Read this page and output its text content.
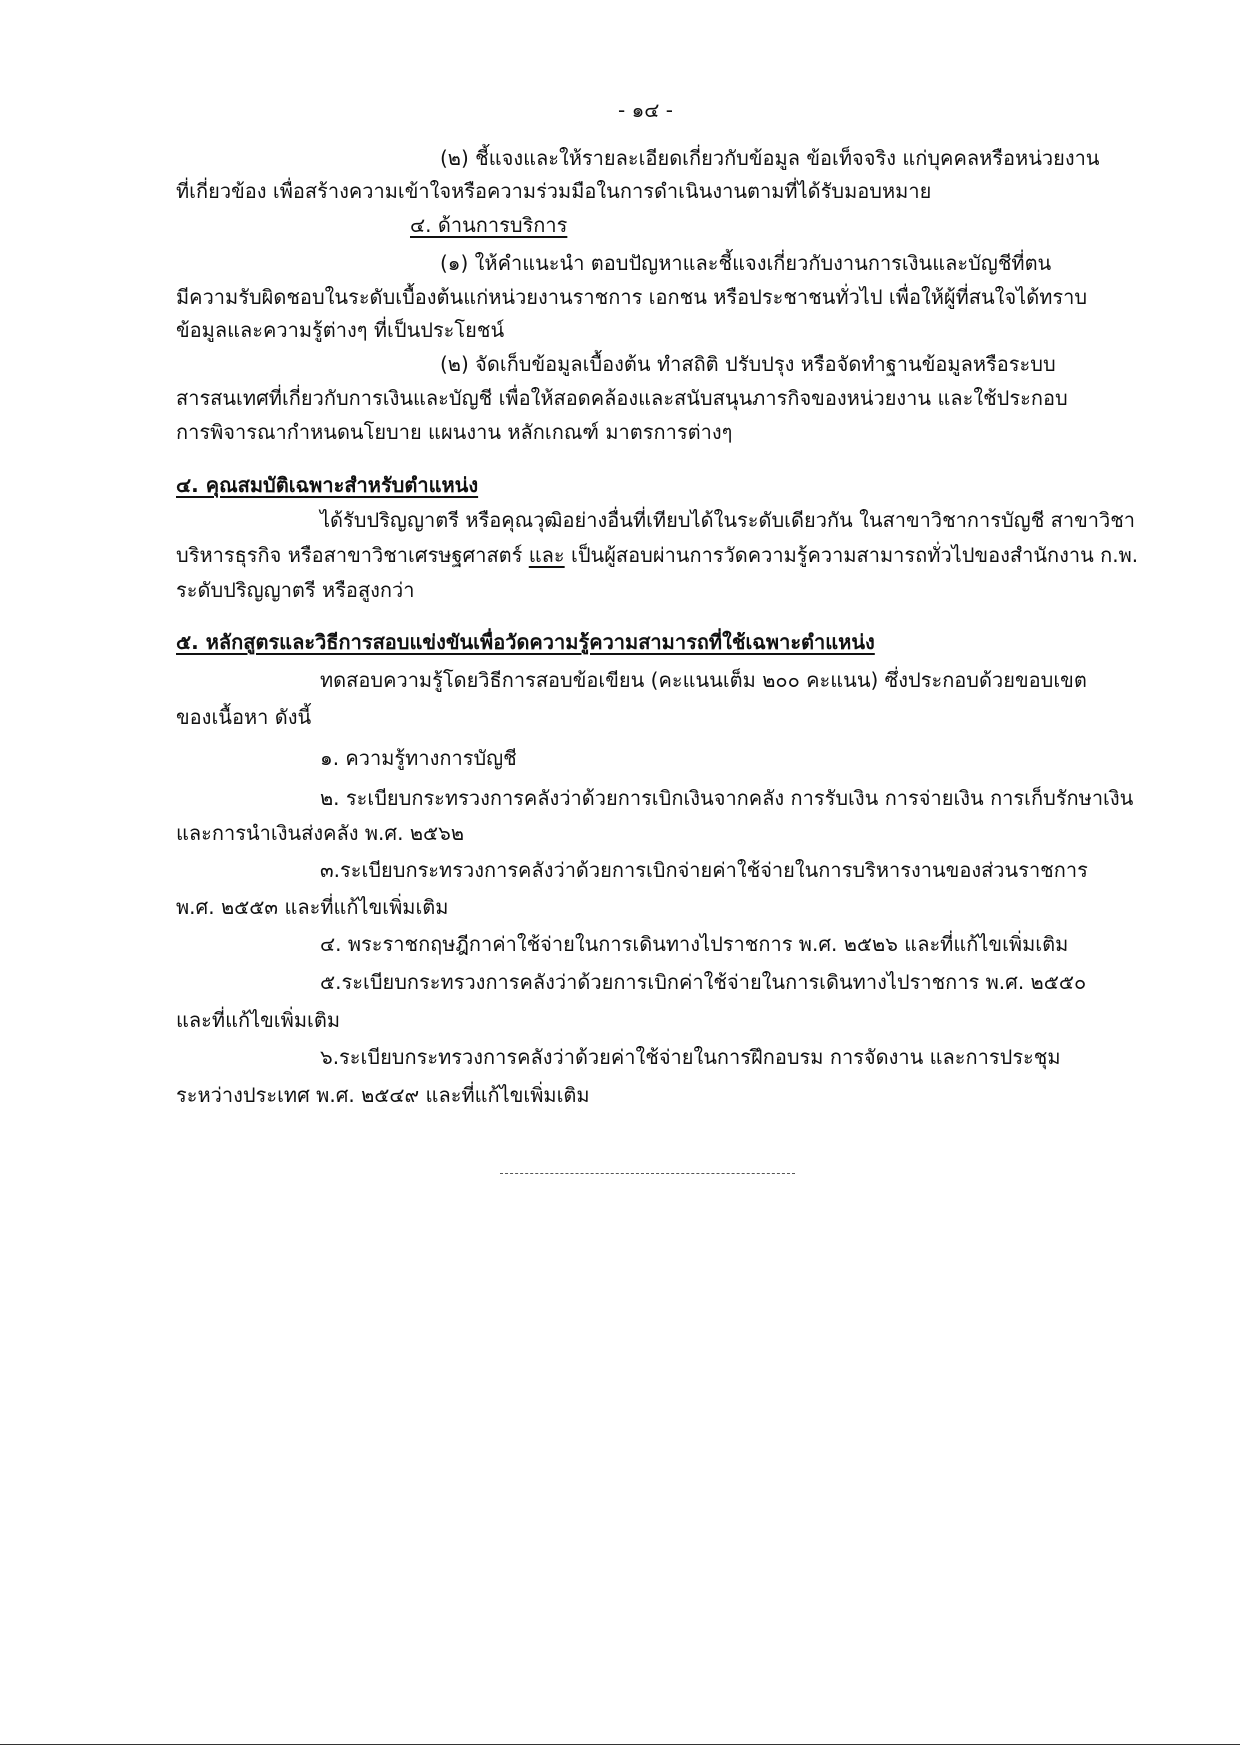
- ๑๔ -
(๒) ชี้แจงและให้รายละเอียดเกี่ยวกับข้อมูล ข้อเท็จจริง แก่บุคคลหรือหน่วยงาน
ที่เกี่ยวข้อง เพื่อสร้างความเข้าใจหรือความร่วมมือในการดำเนินงานตามที่ได้รับมอบหมาย
๔. ด้านการบริการ
(๑) ให้คำแนะนำ ตอบปัญหาและชี้แจงเกี่ยวกับงานการเงินและบัญชีที่ตน
มีความรับผิดชอบในระดับเบื้องต้นแก่หน่วยงานราชการ เอกชน หรือประชาชนทั่วไป เพื่อให้ผู้ที่สนใจได้ทราบ
ข้อมูลและความรู้ต่างๆ ที่เป็นประโยชน์
(๒) จัดเก็บข้อมูลเบื้องต้น ทำสถิติ ปรับปรุง หรือจัดทำฐานข้อมูลหรือระบบ
สารสนเทศที่เกี่ยวกับการเงินและบัญชี เพื่อให้สอดคล้องและสนับสนุนภารกิจของหน่วยงาน และใช้ประกอบ
การพิจารณากำหนดนโยบาย แผนงาน หลักเกณฑ์ มาตรการต่างๆ
๔. คุณสมบัติเฉพาะสำหรับตำแหน่ง
ได้รับปริญญาตรี หรือคุณวุฒิอย่างอื่นที่เทียบได้ในระดับเดียวกัน ในสาขาวิชาการบัญชี สาขาวิชา
บริหารธุรกิจ หรือสาขาวิชาเศรษฐศาสตร์ และ เป็นผู้สอบผ่านการวัดความรู้ความสามารถทั่วไปของสำนักงาน ก.พ.
ระดับปริญญาตรี หรือสูงกว่า
๕. หลักสูตรและวิธีการสอบแข่งขันเพื่อวัดความรู้ความสามารถที่ใช้เฉพาะตำแหน่ง
ทดสอบความรู้โดยวิธีการสอบข้อเขียน (คะแนนเต็ม ๒๐๐ คะแนน) ซึ่งประกอบด้วยขอบเขต
ของเนื้อหา ดังนี้
๑. ความรู้ทางการบัญชี
๒. ระเบียบกระทรวงการคลังว่าด้วยการเบิกเงินจากคลัง การรับเงิน การจ่ายเงิน การเก็บรักษาเงิน
และการนำเงินส่งคลัง พ.ศ. ๒๕๖๒
๓.ระเบียบกระทรวงการคลังว่าด้วยการเบิกจ่ายค่าใช้จ่ายในการบริหารงานของส่วนราชการ
พ.ศ. ๒๕๕๓ และที่แก้ไขเพิ่มเติม
๔. พระราชกฤษฎีกาค่าใช้จ่ายในการเดินทางไปราชการ พ.ศ. ๒๕๒๖ และที่แก้ไขเพิ่มเติม
๕.ระเบียบกระทรวงการคลังว่าด้วยการเบิกค่าใช้จ่ายในการเดินทางไปราชการ พ.ศ. ๒๕๕๐
และที่แก้ไขเพิ่มเติม
๖.ระเบียบกระทรวงการคลังว่าด้วยค่าใช้จ่ายในการฝึกอบรม การจัดงาน และการประชุม
ระหว่างประเทศ พ.ศ. ๒๕๔๙ และที่แก้ไขเพิ่มเติม
